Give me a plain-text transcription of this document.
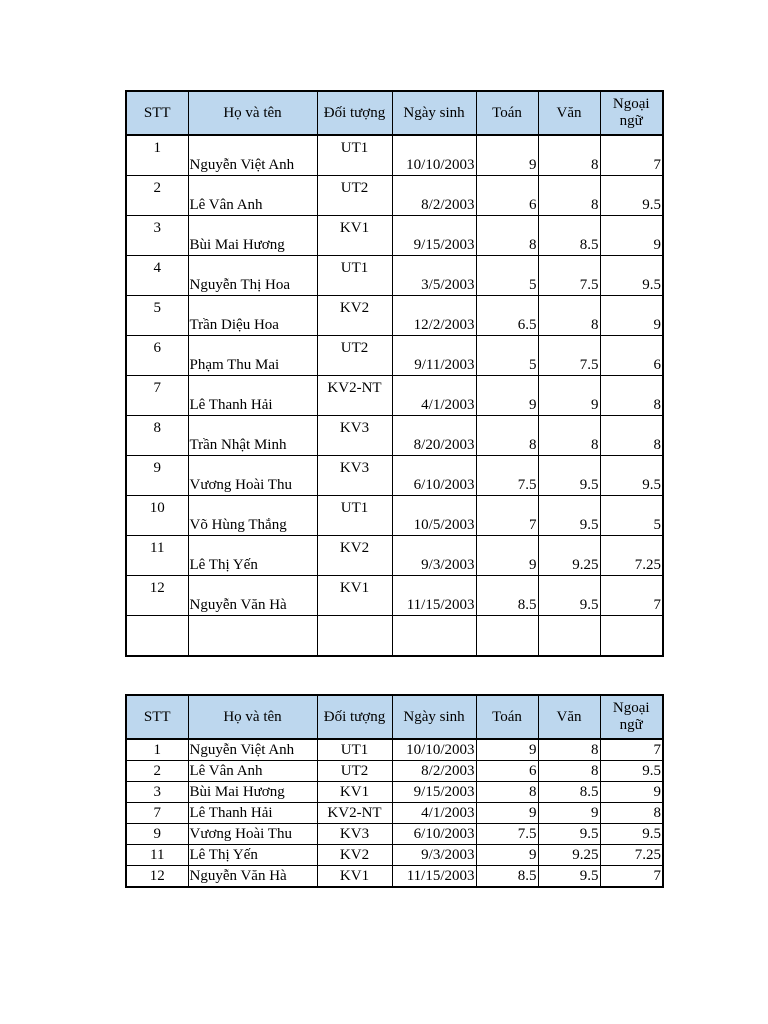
STT	Họ và tên	Đối tượng	Ngày sinh	Toán	Văn	Ngoại ngữ
1	Nguyễn Việt Anh	UT1	10/10/2003	9	8	7
2	Lê Vân Anh	UT2	8/2/2003	6	8	9.5
3	Bùi Mai Hương	KV1	9/15/2003	8	8.5	9
4	Nguyễn Thị Hoa	UT1	3/5/2003	5	7.5	9.5
5	Trần Diệu Hoa	KV2	12/2/2003	6.5	8	9
6	Phạm Thu Mai	UT2	9/11/2003	5	7.5	6
7	Lê Thanh Hải	KV2-NT	4/1/2003	9	9	8
8	Trần Nhật Minh	KV3	8/20/2003	8	8	8
9	Vương Hoài Thu	KV3	6/10/2003	7.5	9.5	9.5
10	Võ Hùng Thắng	UT1	10/5/2003	7	9.5	5
11	Lê Thị Yến	KV2	9/3/2003	9	9.25	7.25
12	Nguyễn Văn Hà	KV1	11/15/2003	8.5	9.5	7

STT	Họ và tên	Đối tượng	Ngày sinh	Toán	Văn	Ngoại ngữ
1	Nguyễn Việt Anh	UT1	10/10/2003	9	8	7
2	Lê Vân Anh	UT2	8/2/2003	6	8	9.5
3	Bùi Mai Hương	KV1	9/15/2003	8	8.5	9
7	Lê Thanh Hải	KV2-NT	4/1/2003	9	9	8
9	Vương Hoài Thu	KV3	6/10/2003	7.5	9.5	9.5
11	Lê Thị Yến	KV2	9/3/2003	9	9.25	7.25
12	Nguyễn Văn Hà	KV1	11/15/2003	8.5	9.5	7
